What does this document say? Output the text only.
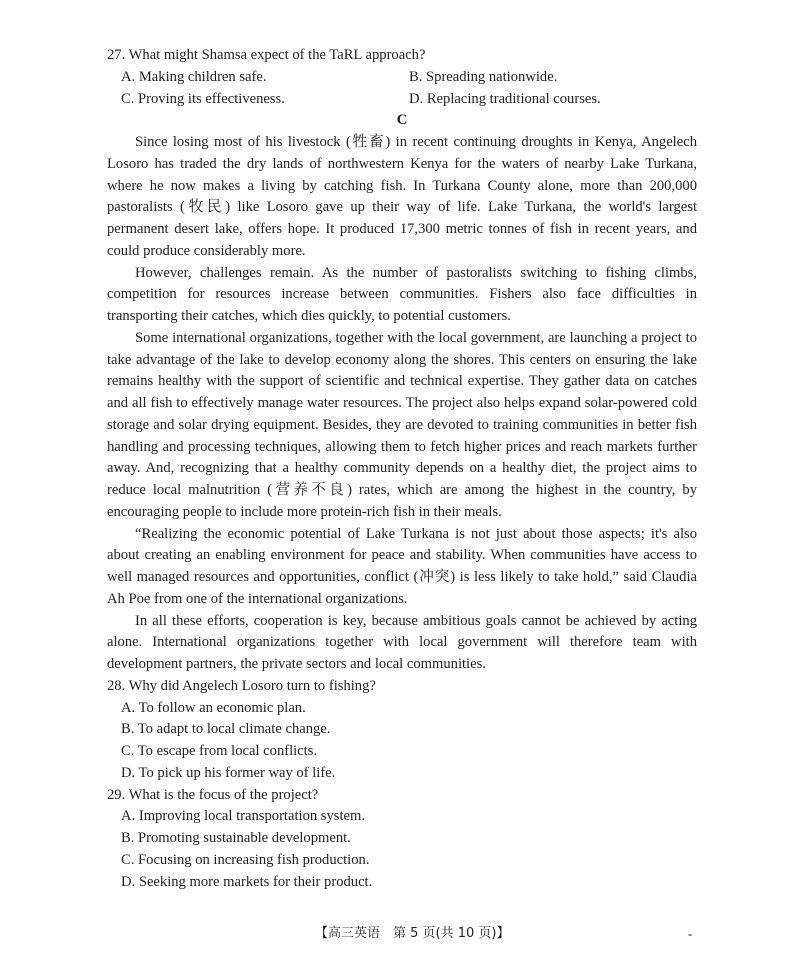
27. What might Shamsa expect of the TaRL approach?
A. Making children safe.	B. Spreading nationwide.
C. Proving its effectiveness.	D. Replacing traditional courses.
C

Since losing most of his livestock (牲畜) in recent continuing droughts in Kenya, Angelech Losoro has traded the dry lands of northwestern Kenya for the waters of nearby Lake Turkana, where he now makes a living by catching fish. In Turkana County alone, more than 200,000 pastoralists (牧民) like Losoro gave up their way of life. Lake Turkana, the world's largest permanent desert lake, offers hope. It produced 17,300 metric tonnes of fish in recent years, and could produce considerably more.

However, challenges remain. As the number of pastoralists switching to fishing climbs, competition for resources increase between communities. Fishers also face difficulties in transporting their catches, which dies quickly, to potential customers.

Some international organizations, together with the local government, are launching a project to take advantage of the lake to develop economy along the shores. This centers on ensuring the lake remains healthy with the support of scientific and technical expertise. They gather data on catches and all fish to effectively manage water resources. The project also helps expand solar-powered cold storage and solar drying equipment. Besides, they are devoted to training communities in better fish handling and processing techniques, allowing them to fetch higher prices and reach markets further away. And, recognizing that a healthy community depends on a healthy diet, the project aims to reduce local malnutrition (营养不良) rates, which are among the highest in the country, by encouraging people to include more protein-rich fish in their meals.

“Realizing the economic potential of Lake Turkana is not just about those aspects; it's also about creating an enabling environment for peace and stability. When communities have access to well managed resources and opportunities, conflict (冲突) is less likely to take hold,” said Claudia Ah Poe from one of the international organizations.

In all these efforts, cooperation is key, because ambitious goals cannot be achieved by acting alone. International organizations together with local government will therefore team with development partners, the private sectors and local communities.

28. Why did Angelech Losoro turn to fishing?
A. To follow an economic plan.
B. To adapt to local climate change.
C. To escape from local conflicts.
D. To pick up his former way of life.
29. What is the focus of the project?
A. Improving local transportation system.
B. Promoting sustainable development.
C. Focusing on increasing fish production.
D. Seeking more markets for their product.
【高三英语　第 5 页(共 10 页)】	-
